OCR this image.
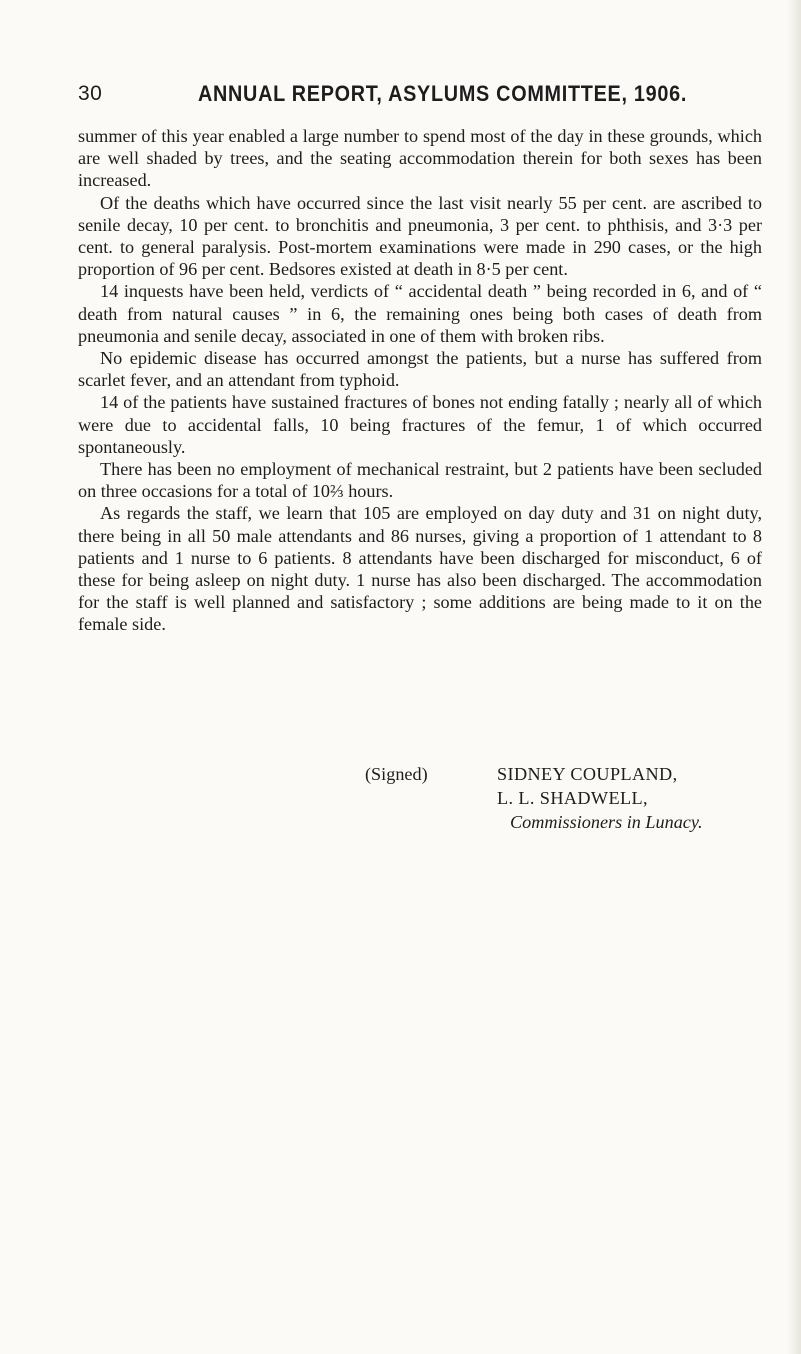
30	ANNUAL REPORT, ASYLUMS COMMITTEE, 1906.

summer of this year enabled a large number to spend most of the day in these grounds, which are well shaded by trees, and the seating accommodation therein for both sexes has been increased.

Of the deaths which have occurred since the last visit nearly 55 per cent. are ascribed to senile decay, 10 per cent. to bronchitis and pneumonia, 3 per cent. to phthisis, and 3·3 per cent. to general paralysis. Post-mortem examinations were made in 290 cases, or the high proportion of 96 per cent. Bedsores existed at death in 8·5 per cent.

14 inquests have been held, verdicts of “ accidental death ” being recorded in 6, and of “ death from natural causes ” in 6, the remaining ones being both cases of death from pneumonia and senile decay, associated in one of them with broken ribs.

No epidemic disease has occurred amongst the patients, but a nurse has suffered from scarlet fever, and an attendant from typhoid.

14 of the patients have sustained fractures of bones not ending fatally ; nearly all of which were due to accidental falls, 10 being fractures of the femur, 1 of which occurred spontaneously.

There has been no employment of mechanical restraint, but 2 patients have been secluded on three occasions for a total of 10⅔ hours.

As regards the staff, we learn that 105 are employed on day duty and 31 on night duty, there being in all 50 male attendants and 86 nurses, giving a proportion of 1 attendant to 8 patients and 1 nurse to 6 patients. 8 attendants have been discharged for misconduct, 6 of these for being asleep on night duty. 1 nurse has also been discharged. The accommodation for the staff is well planned and satisfactory ; some additions are being made to it on the female side.

(Signed)	SIDNEY COUPLAND,
L. L. SHADWELL,
Commissioners in Lunacy.
